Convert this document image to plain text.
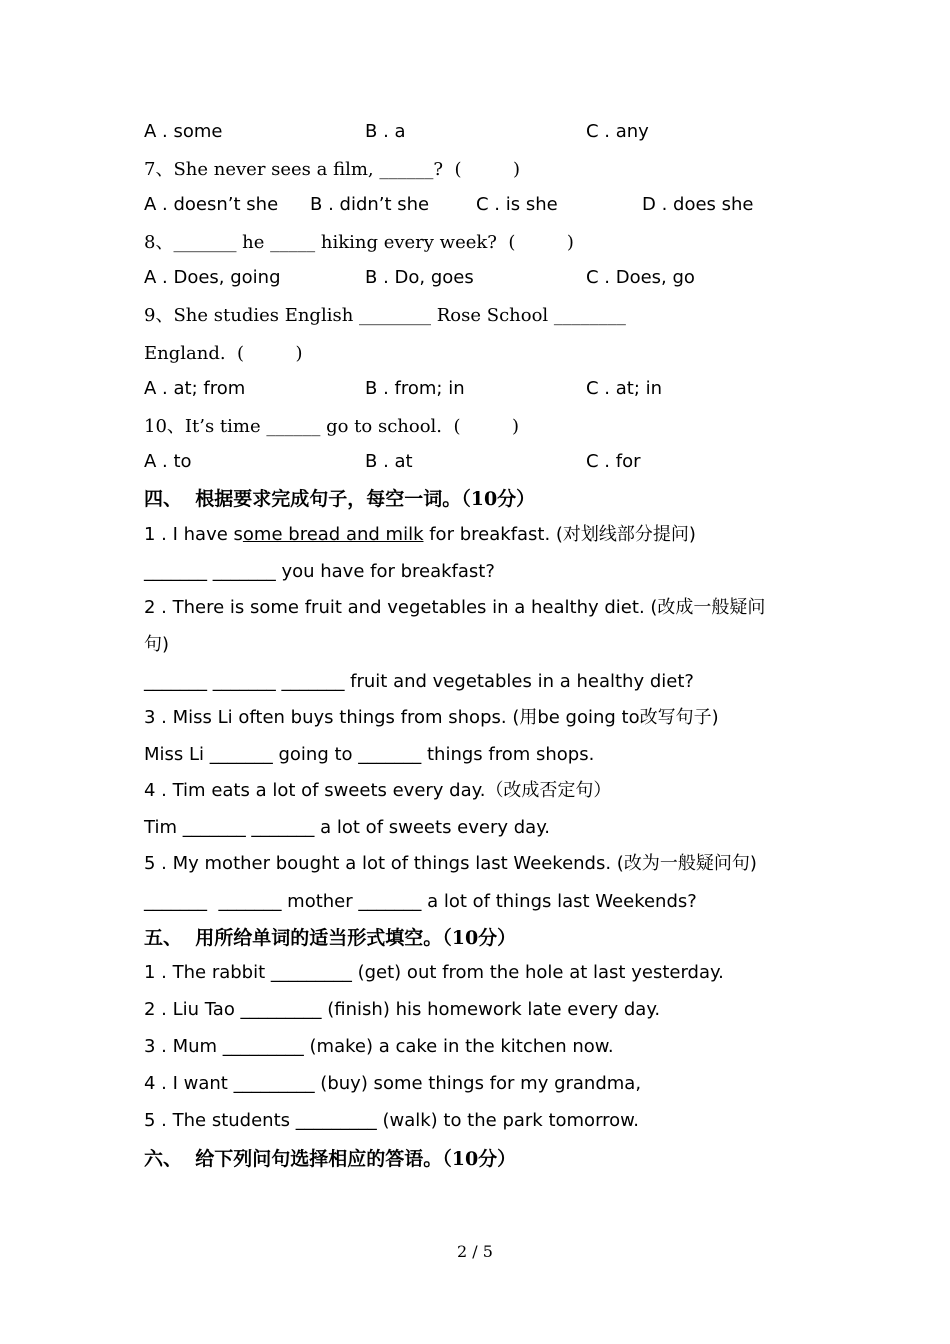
A . some	B . a	C . any
7、She never sees a film, ______?  (         )
A . doesn’t she B . didn’t she	C . is she	D . does she
8、_______ he _____ hiking every week?  (         )
A . Does, going	B . Do, goes	C . Does, go
9、She studies English ________ Rose School ________
England.  (         )
A . at; from	B . from; in	C . at; in
10、It’s time ______ go to school.  (         )
A . to	B . at	C . for
四、  根据要求完成句子，每空一词。（10分）
1 . I have some bread and milk for breakfast. (对划线部分提问)
_______ _______ you have for breakfast?
2 . There is some fruit and vegetables in a healthy diet. (改成一般疑问
句)
_______ _______ _______ fruit and vegetables in a healthy diet?
3 . Miss Li often buys things from shops. (用be going to改写句子)
Miss Li _______ going to _______ things from shops.
4 . Tim eats a lot of sweets every day.（改成否定句）
Tim _______ _______ a lot of sweets every day.
5 . My mother bought a lot of things last Weekends. (改为一般疑问句)
_______  _______ mother _______ a lot of things last Weekends?
五、  用所给单词的适当形式填空。（10分）
1 . The rabbit _________ (get) out from the hole at last yesterday.
2 . Liu Tao _________ (finish) his homework late every day.
3 . Mum _________ (make) a cake in the kitchen now.
4 . I want _________ (buy) some things for my grandma,
5 . The students _________ (walk) to the park tomorrow.
六、  给下列问句选择相应的答语。（10分）
2 / 5
